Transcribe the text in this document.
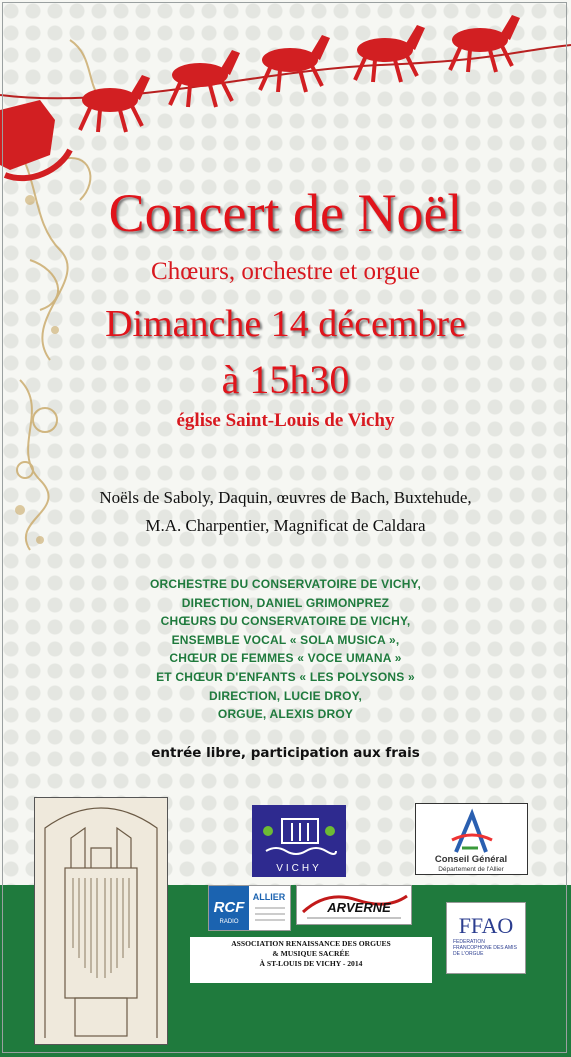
Concert de Noël
Chœurs, orchestre et orgue
Dimanche 14 décembre
à 15h30
église Saint-Louis de Vichy
Noëls de Saboly, Daquin, œuvres de Bach, Buxtehude,
M.A. Charpentier, Magnificat de Caldara
ORCHESTRE DU CONSERVATOIRE DE VICHY,
DIRECTION, DANIEL GRIMONPREZ
CHŒURS DU CONSERVATOIRE DE VICHY,
ENSEMBLE VOCAL « SOLA MUSICA »,
CHŒUR DE FEMMES « VOCE UMANA »
ET CHŒUR D'ENFANTS « LES POLYSONS »
DIRECTION, LUCIE DROY,
ORGUE, ALEXIS DROY
entrée libre, participation aux frais
VICHY
Conseil Général
Département de l'Allier
RCF
RADIO
ALLIER
ARVERNE
ASSOCIATION RENAISSANCE DES ORGUES
& MUSIQUE SACRÉE
À ST-LOUIS DE VICHY - 2014
FFAO
FÉDÉRATION FRANCOPHONE DES AMIS DE L'ORGUE
